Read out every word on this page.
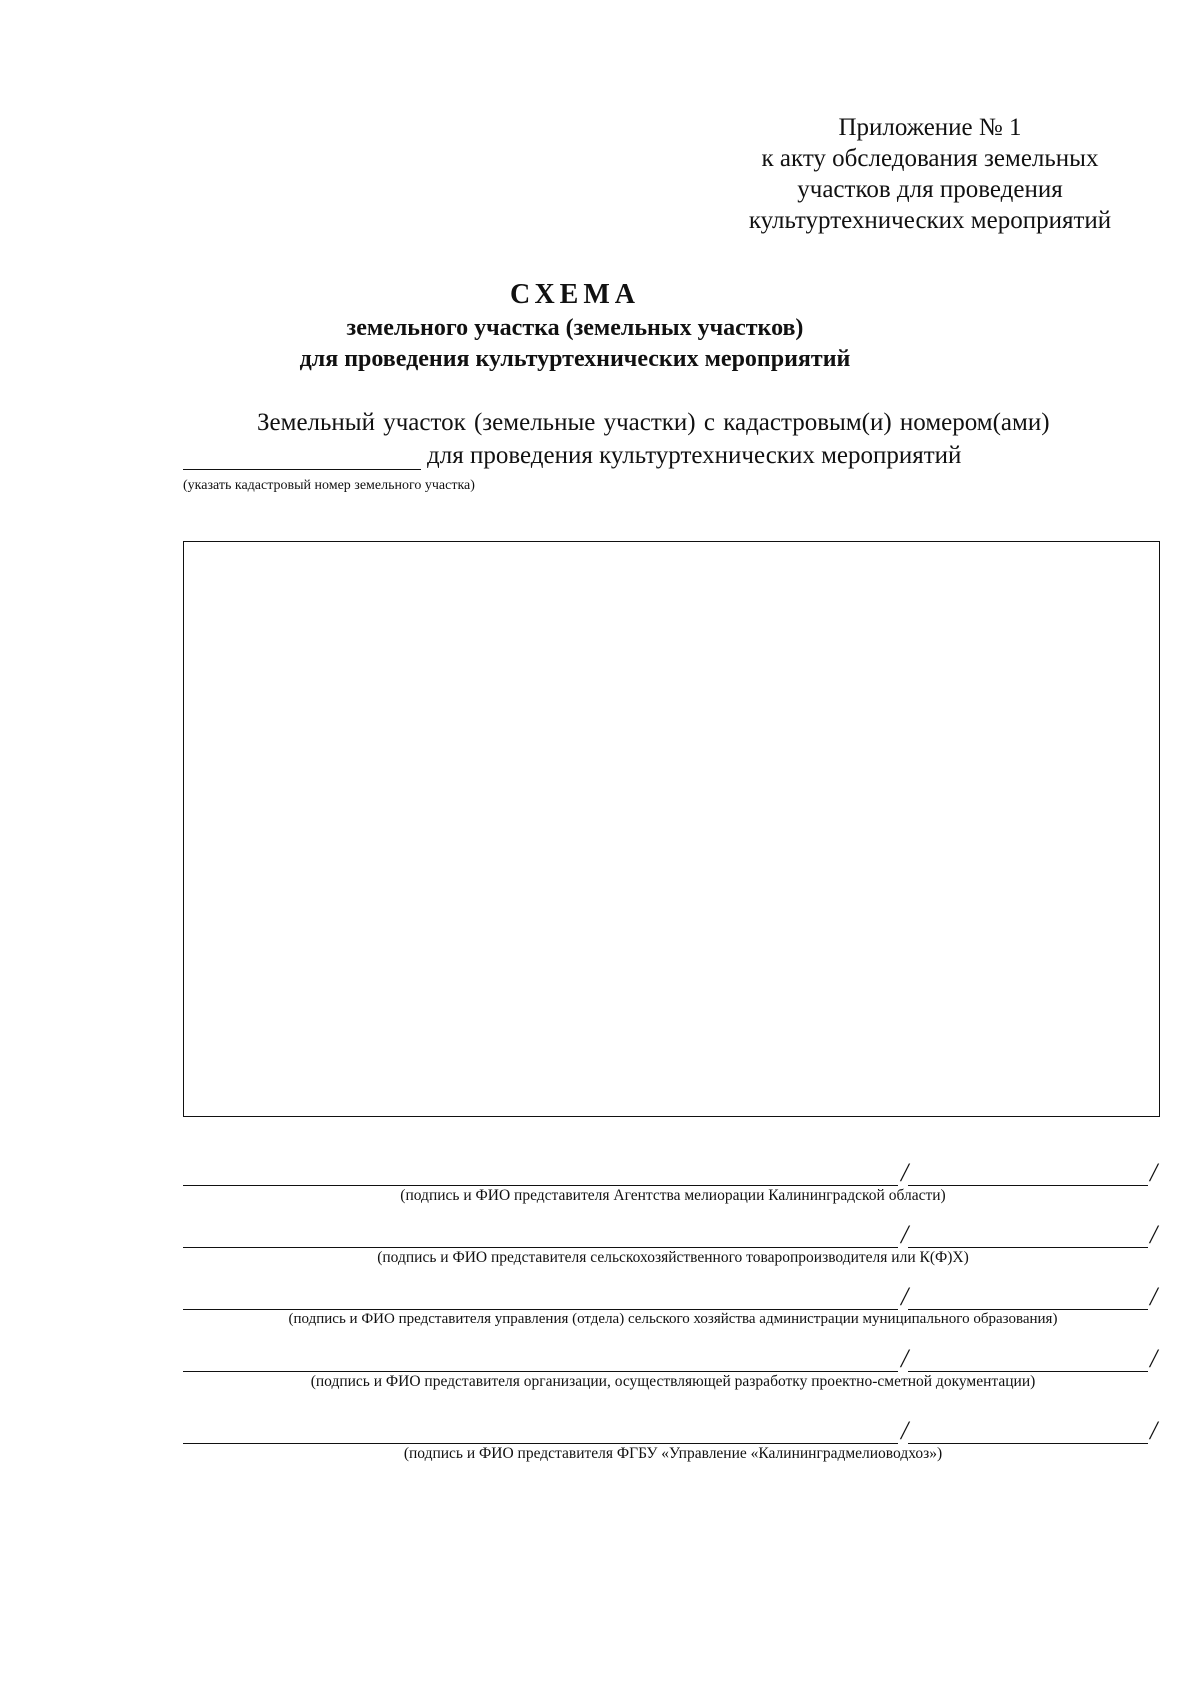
Приложение № 1
к акту обследования земельных
участков для проведения
культуртехнических мероприятий
СХЕМА
земельного участка (земельных участков)
для проведения культуртехнических мероприятий
Земельный участок (земельные участки) с кадастровым(и) номером(ами)
для проведения культуртехнических мероприятий
(указать кадастровый номер земельного участка)
/	/
(подпись и ФИО представителя Агентства мелиорации Калининградской области)
/	/
(подпись и ФИО представителя сельскохозяйственного товаропроизводителя или К(Ф)Х)
/	/
(подпись и ФИО представителя управления (отдела) сельского хозяйства администрации муниципального образования)
/	/
(подпись и ФИО представителя организации, осуществляющей разработку проектно-сметной документации)
/	/
(подпись и ФИО представителя ФГБУ «Управление «Калининградмелиоводхоз»)
